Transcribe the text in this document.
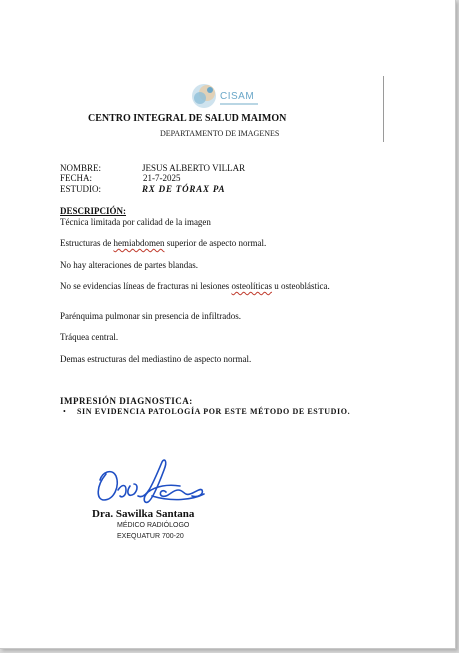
CISAM
CENTRO INTEGRAL DE SALUD MAIMON
DEPARTAMENTO DE IMAGENES
NOMBRE:	JESUS ALBERTO VILLAR
FECHA:	21-7-2025
ESTUDIO:	RX DE TÓRAX PA
DESCRIPCIÓN:
Técnica limitada por calidad de la imagen
Estructuras de hemiabdomen superior de aspecto normal.
No hay alteraciones de partes blandas.
No se evidencias líneas de fracturas ni lesiones osteolíticas u osteoblástica.
Parénquima pulmonar sin presencia de infiltrados.
Tráquea central.
Demas estructuras del mediastino de aspecto normal.
IMPRESIÓN DIAGNOSTICA:
• SIN EVIDENCIA PATOLOGÍA POR ESTE MÉTODO DE ESTUDIO.
Dra. Sawilka Santana
MÉDICO RADIÓLOGO
EXEQUATUR 700-20
